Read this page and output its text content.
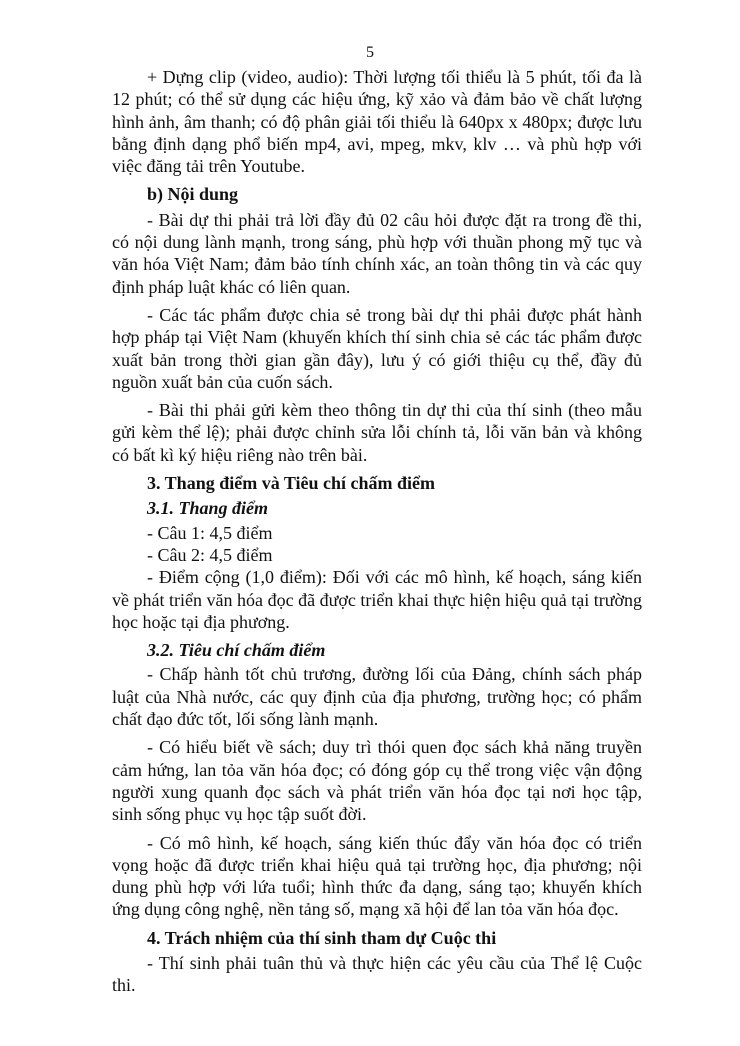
5

+ Dựng clip (video, audio): Thời lượng tối thiểu là 5 phút, tối đa là 12 phút; có thể sử dụng các hiệu ứng, kỹ xảo và đảm bảo về chất lượng hình ảnh, âm thanh; có độ phân giải tối thiểu là 640px x 480px; được lưu bằng định dạng phổ biến mp4, avi, mpeg, mkv, klv … và phù hợp với việc đăng tải trên Youtube.

b) Nội dung

- Bài dự thi phải trả lời đầy đủ 02 câu hỏi được đặt ra trong đề thi, có nội dung lành mạnh, trong sáng, phù hợp với thuần phong mỹ tục và văn hóa Việt Nam; đảm bảo tính chính xác, an toàn thông tin và các quy định pháp luật khác có liên quan.

- Các tác phẩm được chia sẻ trong bài dự thi phải được phát hành hợp pháp tại Việt Nam (khuyến khích thí sinh chia sẻ các tác phẩm được xuất bản trong thời gian gần đây), lưu ý có giới thiệu cụ thể, đầy đủ nguồn xuất bản của cuốn sách.

- Bài thi phải gửi kèm theo thông tin dự thi của thí sinh (theo mẫu gửi kèm thể lệ); phải được chỉnh sửa lỗi chính tả, lỗi văn bản và không có bất kì ký hiệu riêng nào trên bài.

3. Thang điểm và Tiêu chí chấm điểm

3.1. Thang điểm

- Câu 1: 4,5 điểm

- Câu 2: 4,5 điểm

- Điểm cộng (1,0 điểm): Đối với các mô hình, kế hoạch, sáng kiến về phát triển văn hóa đọc đã được triển khai thực hiện hiệu quả tại trường học hoặc tại địa phương.

3.2. Tiêu chí chấm điểm

- Chấp hành tốt chủ trương, đường lối của Đảng, chính sách pháp luật của Nhà nước, các quy định của địa phương, trường học; có phẩm chất đạo đức tốt, lối sống lành mạnh.

- Có hiểu biết về sách; duy trì thói quen đọc sách khả năng truyền cảm hứng, lan tỏa văn hóa đọc; có đóng góp cụ thể trong việc vận động người xung quanh đọc sách và phát triển văn hóa đọc tại nơi học tập, sinh sống phục vụ học tập suốt đời.

- Có mô hình, kế hoạch, sáng kiến thúc đẩy văn hóa đọc có triển vọng hoặc đã được triển khai hiệu quả tại trường học, địa phương; nội dung phù hợp với lứa tuổi; hình thức đa dạng, sáng tạo; khuyến khích ứng dụng công nghệ, nền tảng số, mạng xã hội để lan tỏa văn hóa đọc.

4. Trách nhiệm của thí sinh tham dự Cuộc thi

- Thí sinh phải tuân thủ và thực hiện các yêu cầu của Thể lệ Cuộc thi.
